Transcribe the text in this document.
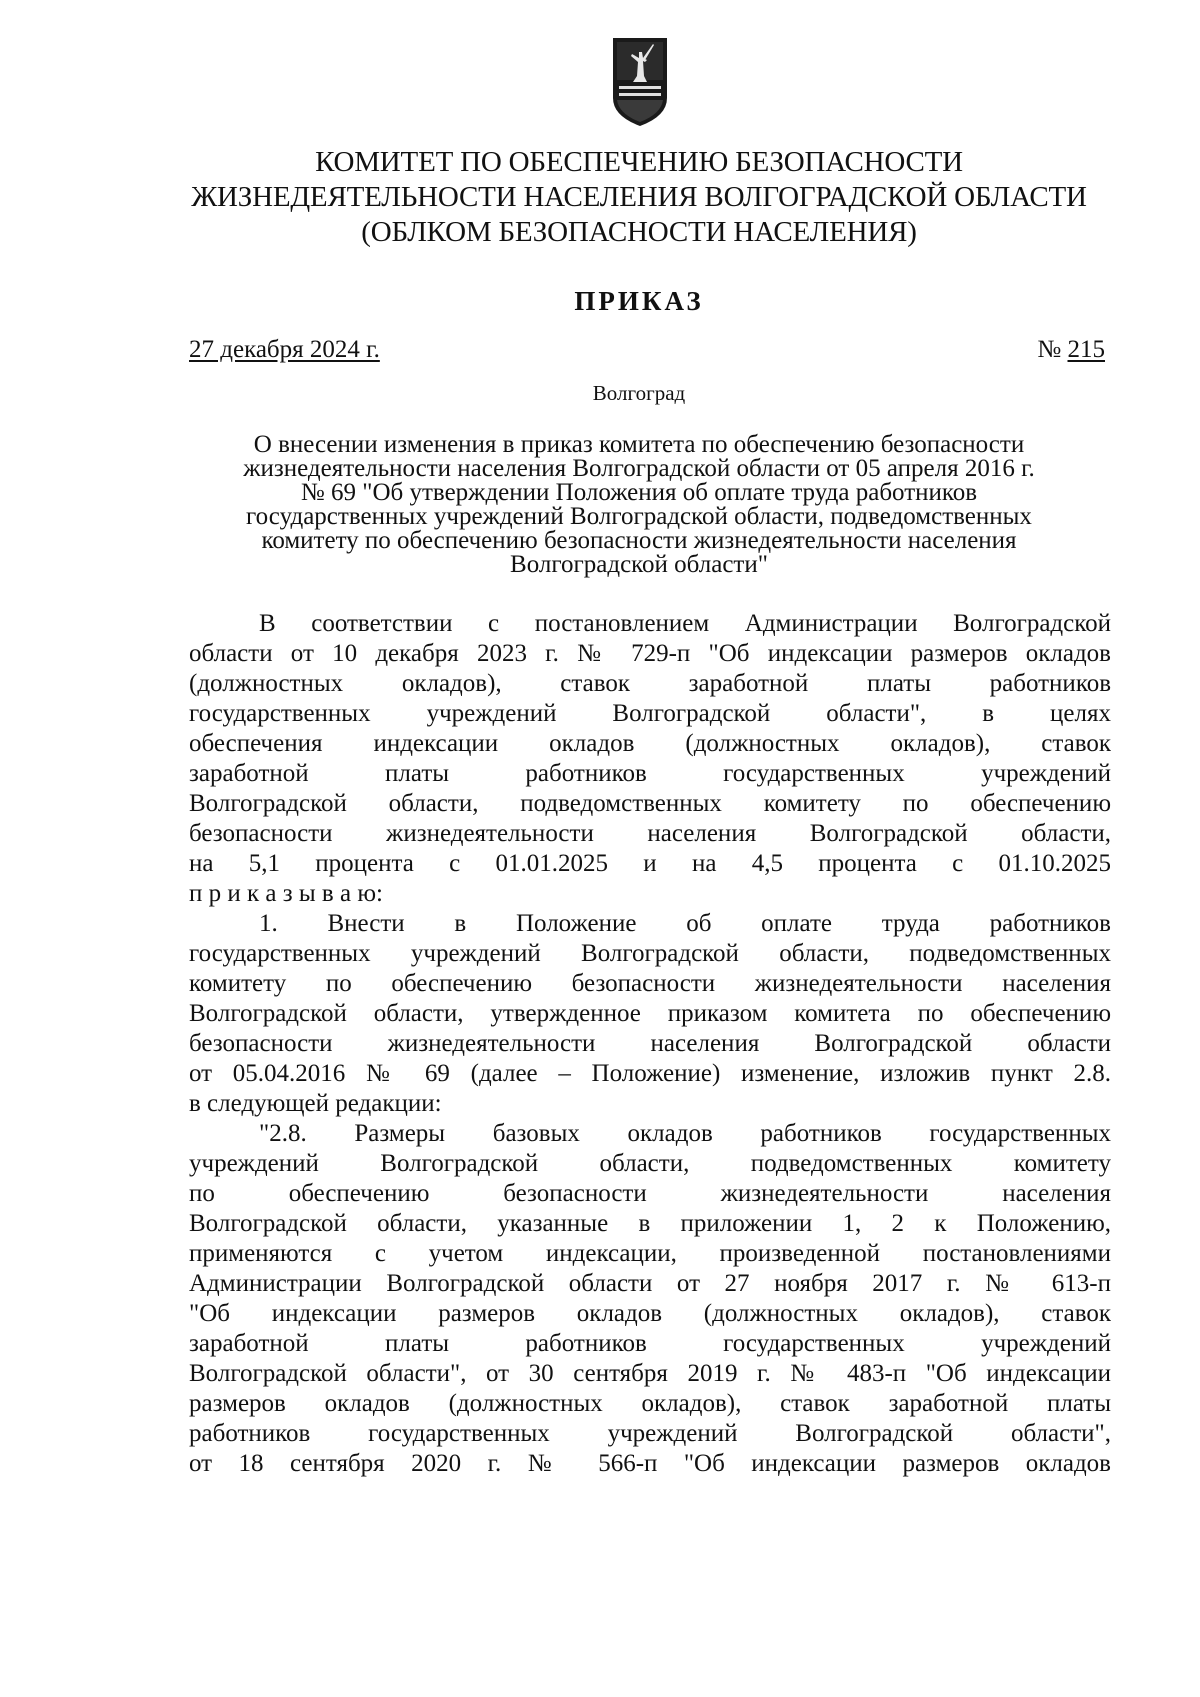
КОМИТЕТ ПО ОБЕСПЕЧЕНИЮ БЕЗОПАСНОСТИ
ЖИЗНЕДЕЯТЕЛЬНОСТИ НАСЕЛЕНИЯ ВОЛГОГРАДСКОЙ ОБЛАСТИ
(ОБЛКОМ БЕЗОПАСНОСТИ НАСЕЛЕНИЯ)
ПРИКАЗ
27 декабря 2024 г.	№ 215
Волгоград
О внесении изменения в приказ комитета по обеспечению безопасности
жизнедеятельности населения Волгоградской области от 05 апреля 2016 г.
№ 69 "Об утверждении Положения об оплате труда работников
государственных учреждений Волгоградской области, подведомственных
комитету по обеспечению безопасности жизнедеятельности населения
Волгоградской области"
В соответствии с постановлением Администрации Волгоградской
области от 10 декабря 2023 г. № 729-п "Об индексации размеров окладов
(должностных окладов), ставок заработной платы работников
государственных учреждений Волгоградской области", в целях
обеспечения индексации окладов (должностных окладов), ставок
заработной платы работников государственных учреждений
Волгоградской области, подведомственных комитету по обеспечению
безопасности жизнедеятельности населения Волгоградской области,
на 5,1 процента с 01.01.2025 и на 4,5 процента с 01.10.2025
п р и к а з ы в а ю:
1. Внести в Положение об оплате труда работников
государственных учреждений Волгоградской области, подведомственных
комитету по обеспечению безопасности жизнедеятельности населения
Волгоградской области, утвержденное приказом комитета по обеспечению
безопасности жизнедеятельности населения Волгоградской области
от 05.04.2016 № 69 (далее – Положение) изменение, изложив пункт 2.8.
в следующей редакции:
"2.8. Размеры базовых окладов работников государственных
учреждений Волгоградской области, подведомственных комитету
по обеспечению безопасности жизнедеятельности населения
Волгоградской области, указанные в приложении 1, 2 к Положению,
применяются с учетом индексации, произведенной постановлениями
Администрации Волгоградской области от 27 ноября 2017 г. № 613-п
"Об индексации размеров окладов (должностных окладов), ставок
заработной платы работников государственных учреждений
Волгоградской области", от 30 сентября 2019 г. № 483-п "Об индексации
размеров окладов (должностных окладов), ставок заработной платы
работников государственных учреждений Волгоградской области",
от 18 сентября 2020 г. № 566-п "Об индексации размеров окладов
